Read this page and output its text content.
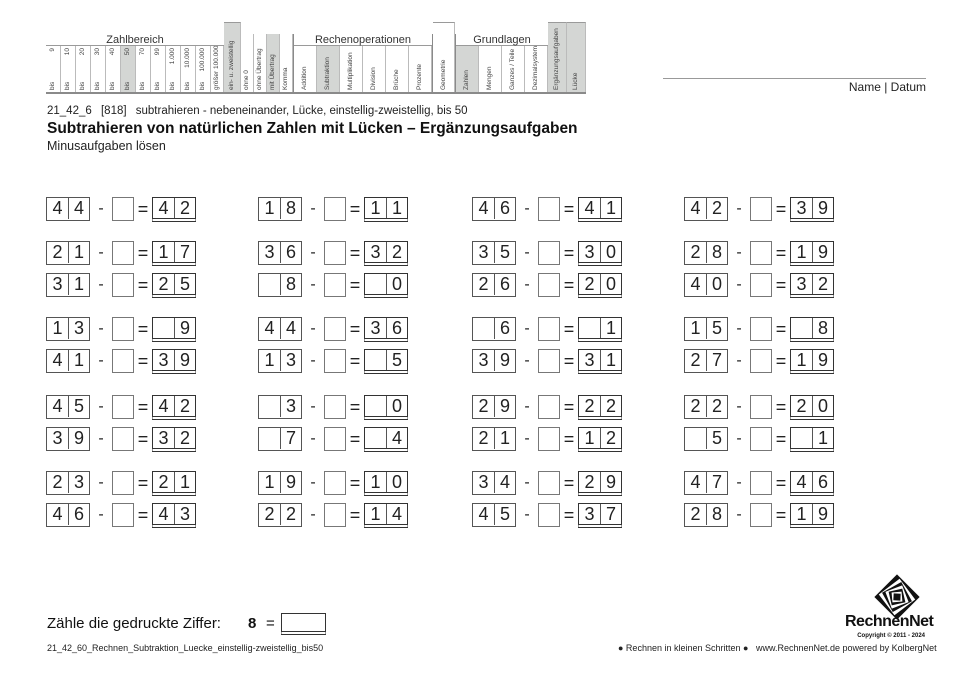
Zahlbereich
bis
9
bis
10
bis
20
bis
30
bis
40
bis
50
bis
70
bis
99
bis
1.000
bis
10.000
bis
100.000
größer 100.000 ein- u. zweistellig ohne 0 ohne Übertrag mit Übertrag Komma
Rechenoperationen
Addition Subtraktion Multiplikation Division Brüche Prozente	Geometrie
Grundlagen
Zahlen Mengen Ganzes / Teile Dezimalsystem Ergänzungsaufgaben Lücke	Name | Datum
21_42_6 [818] subtrahieren - nebeneinander, Lücke, einstellig-zweistellig, bis 50
Subtrahieren von natürlichen Zahlen mit Lücken – Ergänzungsaufgaben
Minusaufgaben lösen
4 4 -	= 4 2	1 8 -	= 1 1	4 6 -	= 4 1	4 2 -	= 3 9
2 1 -	= 1 7	3 6 -	= 3 2	3 5 -	= 3 0	2 8 -	= 1 9
3 1 -	= 2 5	8 -	=	0	2 6 -	= 2 0	4 0 -	= 3 2
1 3 -	=	9	4 4 -	= 3 6	6 -	=	1	1 5 -	=	8
4 1 -	= 3 9	1 3 -	=	5	3 9 -	= 3 1	2 7 -	= 1 9
4 5 -	= 4 2	3 -	=	0	2 9 -	= 2 2	2 2 -	= 2 0
3 9 -	= 3 2	7 -	=	4	2 1 -	= 1 2	5 -	=	1
2 3 -	= 2 1	1 9 -	= 1 0	3 4 -	= 2 9	4 7 -	= 4 6
4 6 -	= 4 3	2 2 -	= 1 4	4 5 -	= 3 7	2 8 -	= 1 9
Zähle die gedruckte Ziffer: 8 =
21_42_60_Rechnen_Subtraktion_Luecke_einstellig-zweistellig_bis50	● Rechnen in kleinen Schritten ● www.RechnenNet.de powered by KolbergNet
RechnenNet
Copyright © 2011 - 2024
